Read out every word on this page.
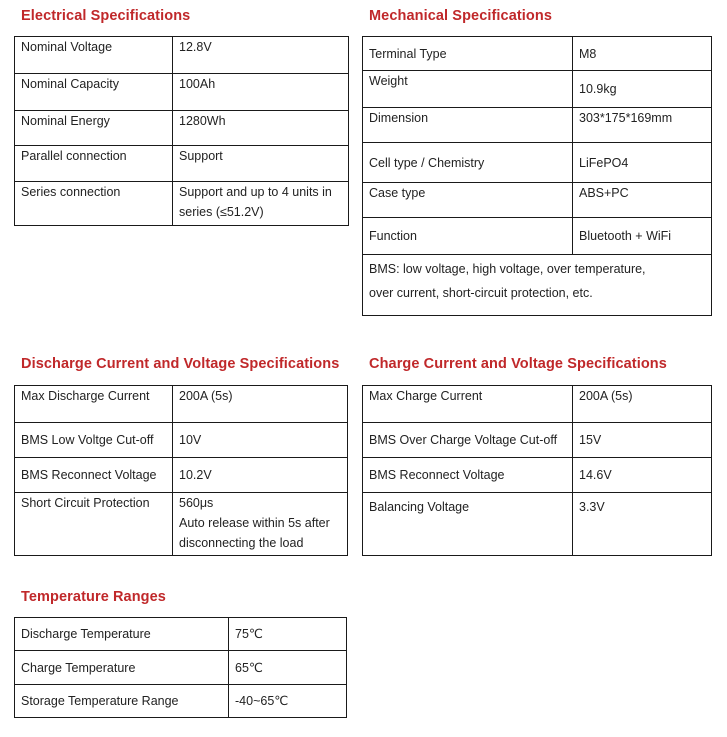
Electrical Specifications
Nominal Voltage	12.8V
Nominal Capacity	100Ah
Nominal Energy	1280Wh
Parallel connection	Support
Series connection	Support and up to 4 units in
series (≤51.2V)
Mechanical Specifications
Terminal Type	M8
Weight	10.9kg
Dimension	303*175*169mm
Cell type / Chemistry	LiFePO4
Case type	ABS+PC
Function	Bluetooth + WiFi

BMS: low voltage, high voltage, over temperature,
over current, short-circuit protection, etc.	
Discharge Current and Voltage Specifications
Max Discharge Current	200A (5s)
BMS Low Voltge Cut-off	10V
BMS Reconnect Voltage	10.2V
Short Circuit Protection	560μs
Auto release within 5s after
disconnecting the load
Charge Current and Voltage Specifications
Max Charge Current	200A (5s)
BMS Over Charge Voltage Cut-off	15V
BMS Reconnect Voltage	14.6V

Balancing Voltage	3.3V
Temperature Ranges
Discharge Temperature	75℃
Charge Temperature	65℃
Storage Temperature Range	-40~65℃
